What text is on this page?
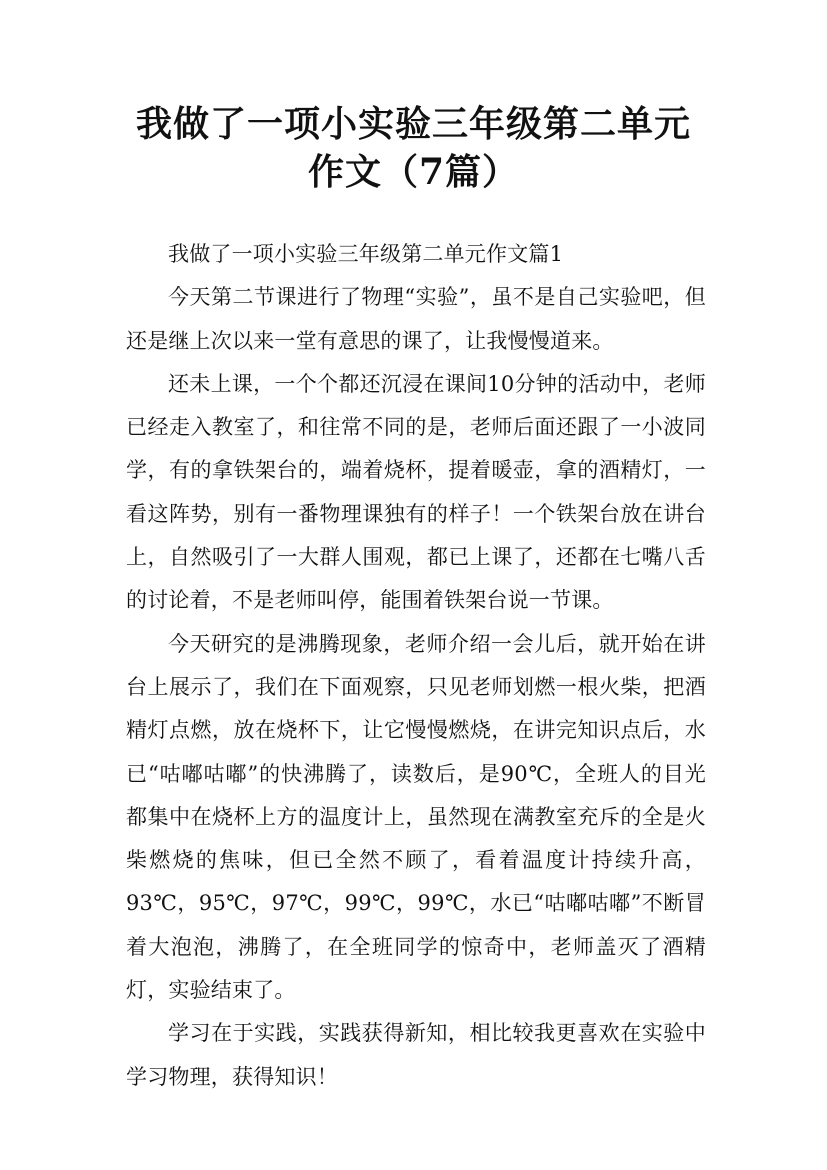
我做了一项小实验三年级第二单元作文（7篇）

我做了一项小实验三年级第二单元作文篇1

今天第二节课进行了物理“实验”，虽不是自己实验吧，但还是继上次以来一堂有意思的课了，让我慢慢道来。

还未上课，一个个都还沉浸在课间10分钟的活动中，老师已经走入教室了，和往常不同的是，老师后面还跟了一小波同学，有的拿铁架台的，端着烧杯，提着暖壶，拿的酒精灯，一看这阵势，别有一番物理课独有的样子！一个铁架台放在讲台上，自然吸引了一大群人围观，都已上课了，还都在七嘴八舌的讨论着，不是老师叫停，能围着铁架台说一节课。

今天研究的是沸腾现象，老师介绍一会儿后，就开始在讲台上展示了，我们在下面观察，只见老师划燃一根火柴，把酒精灯点燃，放在烧杯下，让它慢慢燃烧，在讲完知识点后，水已“咕嘟咕嘟”的快沸腾了，读数后，是90℃，全班人的目光都集中在烧杯上方的温度计上，虽然现在满教室充斥的全是火柴燃烧的焦味，但已全然不顾了，看着温度计持续升高，93℃，95℃，97℃，99℃，99℃，水已“咕嘟咕嘟”不断冒着大泡泡，沸腾了，在全班同学的惊奇中，老师盖灭了酒精灯，实验结束了。

学习在于实践，实践获得新知，相比较我更喜欢在实验中学习物理，获得知识！
